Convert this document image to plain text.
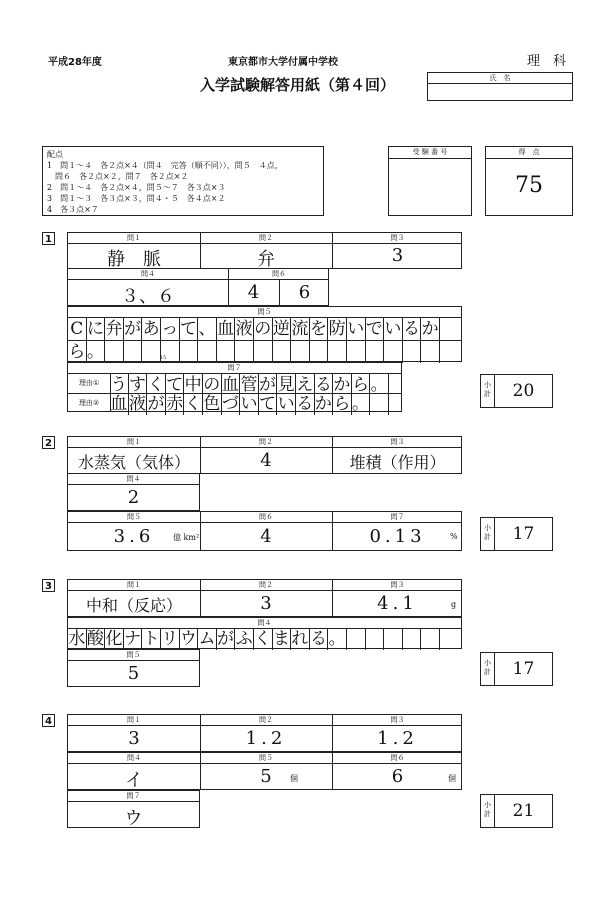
平成28年度	東京都市大学付属中学校	理　科
入学試験解答用紙（第４回）	氏　名
配点
1　問１～４　各２点×４（問４　完答（順不同）），問５　４点，
　問６　各２点×２，問７　各２点×２
2　問１～４　各２点×４，問５～７　各３点×３
3　問１～３　各３点×３，問４・５　各４点×２
4　各３点×７
受 験 番 号	得　点
75
1	問１	問２	問３
静　脈	弁	3
問４	問６
３、６	4	6
問５
C に 弁 が あ っ て 、 血 液 の 逆 流 を 防 い で い る か
ら 。	15
問７
理由①
理由②
う す く て 中 の 血 管 が 見 え る か ら 。
血 液 が 赤 く 色 づ い て い る か ら 。
小計	20
2	問１	問２	問３
水蒸気（気体）	4	堆積（作用）
問４
2
問５	問６	問７
3.6	億 km²	4	0.13	%
小計	17
3	問１	問２	問３
中和（反応）	3	4.1	g
問４
水 酸 化 ナ ト リ ウ ム が ふ く ま れ る 。
問５
5	小計	17
4	問１	問２	問３
3	1.2	1.2
問４	問５	問６
イ	5	個	6	個
問７
ウ
小計	21
